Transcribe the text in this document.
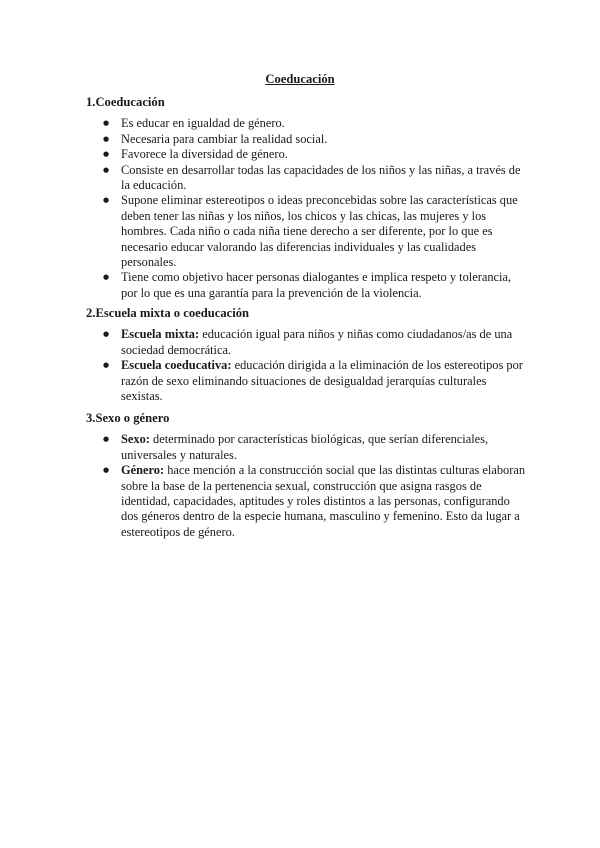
Coeducación
1.Coeducación
● Es educar en igualdad de género.
● Necesaria para cambiar la realidad social.
● Favorece la diversidad de género.
● Consiste en desarrollar todas las capacidades de los niños y las niñas, a través de la educación.
● Supone eliminar estereotipos o ideas preconcebidas sobre las características que deben tener las niñas y los niños, los chicos y las chicas, las mujeres y los hombres. Cada niño o cada niña tiene derecho a ser diferente, por lo que es necesario educar valorando las diferencias individuales y las cualidades personales.
● Tiene como objetivo hacer personas dialogantes e implica respeto y tolerancia, por lo que es una garantía para la prevención de la violencia.
2.Escuela mixta o coeducación
● Escuela mixta: educación igual para niños y niñas como ciudadanos/as de una sociedad democrática.
● Escuela coeducativa: educación dirigida a la eliminación de los estereotipos por razón de sexo eliminando situaciones de desigualdad jerarquías culturales sexistas.
3.Sexo o género
● Sexo: determinado por características biológicas, que serían diferenciales, universales y naturales.
● Género: hace mención a la construcción social que las distintas culturas elaboran sobre la base de la pertenencia sexual, construcción que asigna rasgos de identidad, capacidades, aptitudes y roles distintos a las personas, configurando dos géneros dentro de la especie humana, masculino y femenino. Esto da lugar a estereotipos de género.
